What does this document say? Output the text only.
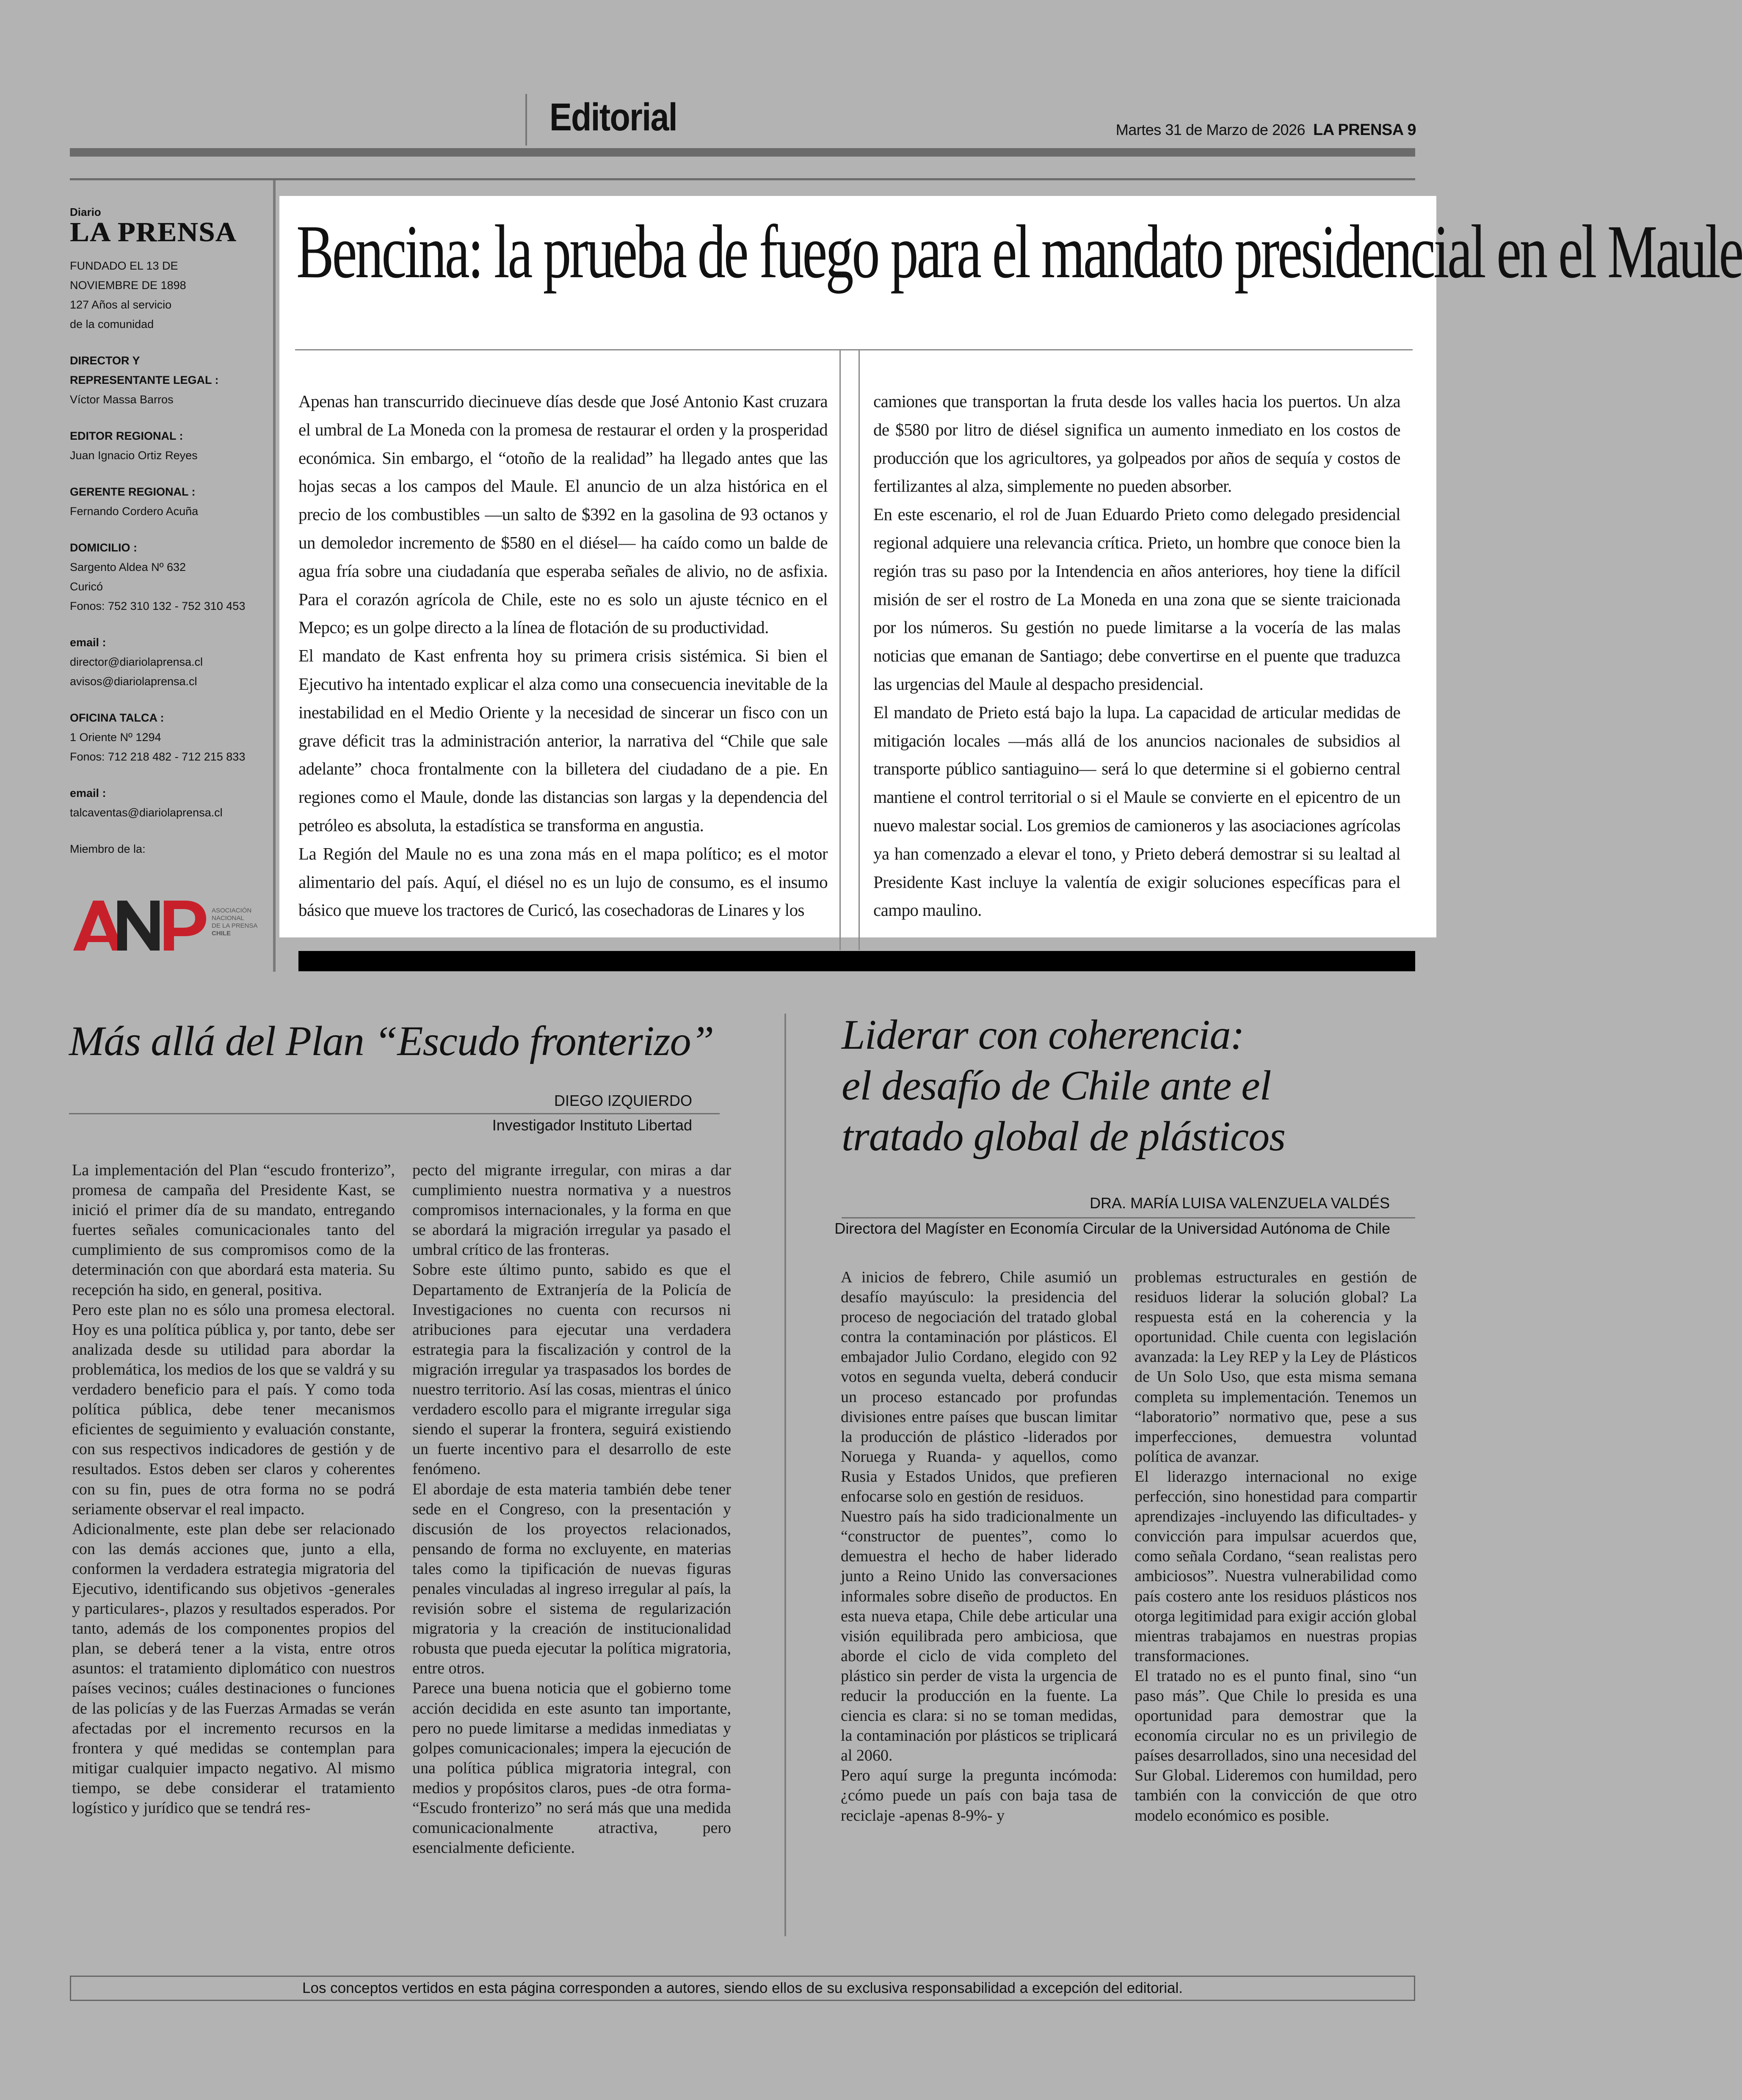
Editorial	Martes 31 de Marzo de 2026 LA PRENSA 9
Diario
LA PRENSA
FUNDADO EL 13 DE
NOVIEMBRE DE 1898
127 Años al servicio
de la comunidad
DIRECTOR Y
REPRESENTANTE LEGAL :
Víctor Massa Barros
EDITOR REGIONAL :
Juan Ignacio Ortiz Reyes
GERENTE REGIONAL :
Fernando Cordero Acuña
DOMICILIO :
Sargento Aldea Nº 632
Curicó
Fonos: 752 310 132 - 752 310 453
email :
director@diariolaprensa.cl
avisos@diariolaprensa.cl
OFICINA TALCA :
1 Oriente Nº 1294
Fonos: 712 218 482 - 712 215 833
email :
talcaventas@diariolaprensa.cl
Miembro de la:
ASOCIACIÓN
NACIONAL
DE LA PRENSA
CHILE
Bencina: la prueba de fuego para el mandato presidencial en el Maule

Apenas han transcurrido diecinueve días desde que José Antonio Kast cruzara el umbral de La Moneda con la promesa de restaurar el orden y la prosperidad económica. Sin embargo, el “otoño de la realidad” ha llegado antes que las hojas secas a los campos del Maule. El anuncio de un alza histórica en el precio de los combustibles —un salto de $392 en la gasolina de 93 octanos y un demoledor incremento de $580 en el diésel— ha caído como un balde de agua fría sobre una ciudadanía que esperaba señales de alivio, no de asfixia. Para el corazón agrícola de Chile, este no es solo un ajuste técnico en el Mepco; es un golpe directo a la línea de flotación de su productividad.

El mandato de Kast enfrenta hoy su primera crisis sistémica. Si bien el Ejecutivo ha intentado explicar el alza como una consecuencia inevitable de la inestabilidad en el Medio Oriente y la necesidad de sincerar un fisco con un grave déficit tras la administración anterior, la narrativa del “Chile que sale adelante” choca frontalmente con la billetera del ciudadano de a pie. En regiones como el Maule, donde las distancias son largas y la dependencia del petróleo es absoluta, la estadística se transforma en angustia.

La Región del Maule no es una zona más en el mapa político; es el motor alimentario del país. Aquí, el diésel no es un lujo de consumo, es el insumo básico que mueve los tractores de Curicó, las cosechadoras de Linares y los

camiones que transportan la fruta desde los valles hacia los puertos. Un alza de $580 por litro de diésel significa un aumento inmediato en los costos de producción que los agricultores, ya golpeados por años de sequía y costos de fertilizantes al alza, simplemente no pueden absorber.

En este escenario, el rol de Juan Eduardo Prieto como delegado presidencial regional adquiere una relevancia crítica. Prieto, un hombre que conoce bien la región tras su paso por la Intendencia en años anteriores, hoy tiene la difícil misión de ser el rostro de La Moneda en una zona que se siente traicionada por los números. Su gestión no puede limitarse a la vocería de las malas noticias que emanan de Santiago; debe convertirse en el puente que traduzca las urgencias del Maule al despacho presidencial.

El mandato de Prieto está bajo la lupa. La capacidad de articular medidas de mitigación locales —más allá de los anuncios nacionales de subsidios al transporte público santiaguino— será lo que determine si el gobierno central mantiene el control territorial o si el Maule se convierte en el epicentro de un nuevo malestar social. Los gremios de camioneros y las asociaciones agrícolas ya han comenzado a elevar el tono, y Prieto deberá demostrar si su lealtad al Presidente Kast incluye la valentía de exigir soluciones específicas para el campo maulino.

Más allá del Plan “Escudo fronterizo”
DIEGO IZQUIERDO
Investigador Instituto Libertad

La implementación del Plan “escudo fronterizo”, promesa de campaña del Presidente Kast, se inició el primer día de su mandato, entregando fuertes señales comunicacionales tanto del cumplimiento de sus compromisos como de la determinación con que abordará esta materia. Su recepción ha sido, en general, positiva.

Pero este plan no es sólo una promesa electoral. Hoy es una política pública y, por tanto, debe ser analizada desde su utilidad para abordar la problemática, los medios de los que se valdrá y su verdadero beneficio para el país. Y como toda política pública, debe tener mecanismos eficientes de seguimiento y evaluación constante, con sus respectivos indicadores de gestión y de resultados. Estos deben ser claros y coherentes con su fin, pues de otra forma no se podrá seriamente observar el real impacto.

Adicionalmente, este plan debe ser relacionado con las demás acciones que, junto a ella, conformen la verdadera estrategia migratoria del Ejecutivo, identificando sus objetivos -generales y particulares-, plazos y resultados esperados. Por tanto, además de los componentes propios del plan, se deberá tener a la vista, entre otros asuntos: el tratamiento diplomático con nuestros países vecinos; cuáles destinaciones o funciones de las policías y de las Fuerzas Armadas se verán afectadas por el incremento recursos en la frontera y qué medidas se contemplan para mitigar cualquier impacto negativo. Al mismo tiempo, se debe considerar el tratamiento logístico y jurídico que se tendrá res-

pecto del migrante irregular, con miras a dar cumplimiento nuestra normativa y a nuestros compromisos internacionales, y la forma en que se abordará la migración irregular ya pasado el umbral crítico de las fronteras.

Sobre este último punto, sabido es que el Departamento de Extranjería de la Policía de Investigaciones no cuenta con recursos ni atribuciones para ejecutar una verdadera estrategia para la fiscalización y control de la migración irregular ya traspasados los bordes de nuestro territorio. Así las cosas, mientras el único verdadero escollo para el migrante irregular siga siendo el superar la frontera, seguirá existiendo un fuerte incentivo para el desarrollo de este fenómeno.

El abordaje de esta materia también debe tener sede en el Congreso, con la presentación y discusión de los proyectos relacionados, pensando de forma no excluyente, en materias tales como la tipificación de nuevas figuras penales vinculadas al ingreso irregular al país, la revisión sobre el sistema de regularización migratoria y la creación de institucionalidad robusta que pueda ejecutar la política migratoria, entre otros.

Parece una buena noticia que el gobierno tome acción decidida en este asunto tan importante, pero no puede limitarse a medidas inmediatas y golpes comunicacionales; impera la ejecución de una política pública migratoria integral, con medios y propósitos claros, pues -de otra forma- “Escudo fronterizo” no será más que una medida comunicacionalmente atractiva, pero esencialmente deficiente.

Liderar con coherencia:
el desafío de Chile ante el
tratado global de plásticos
DRA. MARÍA LUISA VALENZUELA VALDÉS
Directora del Magíster en Economía Circular de la Universidad Autónoma de Chile

A inicios de febrero, Chile asumió un desafío mayúsculo: la presidencia del proceso de negociación del tratado global contra la contaminación por plásticos. El embajador Julio Cordano, elegido con 92 votos en segunda vuelta, deberá conducir un proceso estancado por profundas divisiones entre países que buscan limitar la producción de plástico -liderados por Noruega y Ruanda- y aquellos, como Rusia y Estados Unidos, que prefieren enfocarse solo en gestión de residuos.

Nuestro país ha sido tradicionalmente un “constructor de puentes”, como lo demuestra el hecho de haber liderado junto a Reino Unido las conversaciones informales sobre diseño de productos. En esta nueva etapa, Chile debe articular una visión equilibrada pero ambiciosa, que aborde el ciclo de vida completo del plástico sin perder de vista la urgencia de reducir la producción en la fuente. La ciencia es clara: si no se toman medidas, la contaminación por plásticos se triplicará al 2060.

Pero aquí surge la pregunta incómoda: ¿cómo puede un país con baja tasa de reciclaje -apenas 8-9%- y

problemas estructurales en gestión de residuos liderar la solución global? La respuesta está en la coherencia y la oportunidad. Chile cuenta con legislación avanzada: la Ley REP y la Ley de Plásticos de Un Solo Uso, que esta misma semana completa su implementación. Tenemos un “laboratorio” normativo que, pese a sus imperfecciones, demuestra voluntad política de avanzar.

El liderazgo internacional no exige perfección, sino honestidad para compartir aprendizajes -incluyendo las dificultades- y convicción para impulsar acuerdos que, como señala Cordano, “sean realistas pero ambiciosos”. Nuestra vulnerabilidad como país costero ante los residuos plásticos nos otorga legitimidad para exigir acción global mientras trabajamos en nuestras propias transformaciones.

El tratado no es el punto final, sino “un paso más”. Que Chile lo presida es una oportunidad para demostrar que la economía circular no es un privilegio de países desarrollados, sino una necesidad del Sur Global. Lideremos con humildad, pero también con la convicción de que otro modelo económico es posible.

Los conceptos vertidos en esta página corresponden a autores, siendo ellos de su exclusiva responsabilidad a excepción del editorial.
